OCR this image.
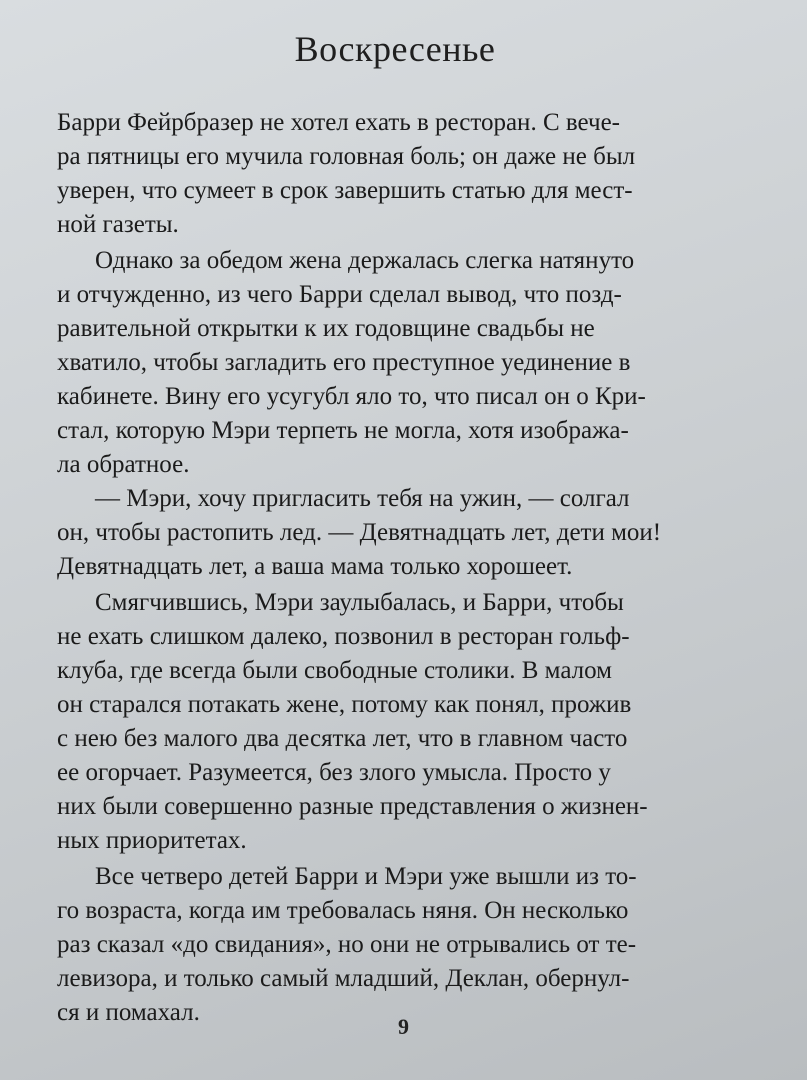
Воскресенье
Барри Фейрбразер не хотел ехать в ресторан. С вече-
ра пятницы его мучила головная боль; он даже не был
уверен, что сумеет в срок завершить статью для мест-
ной газеты.
Однако за обедом жена держалась слегка натянуто
и отчужденно, из чего Барри сделал вывод, что позд-
равительной открытки к их годовщине свадьбы не
хватило, чтобы загладить его преступное уединение в
кабинете. Вину его усугубл яло то, что писал он о Кри-
стал, которую Мэри терпеть не могла, хотя изобража-
ла обратное.
— Мэри, хочу пригласить тебя на ужин, — солгал
он, чтобы растопить лед. — Девятнадцать лет, дети мои!
Девятнадцать лет, а ваша мама только хорошеет.
Смягчившись, Мэри заулыбалась, и Барри, чтобы
не ехать слишком далеко, позвонил в ресторан гольф-
клуба, где всегда были свободные столики. В малом
он старался потакать жене, потому как понял, прожив
с нею без малого два десятка лет, что в главном часто
ее огорчает. Разумеется, без злого умысла. Просто у
них были совершенно разные представления о жизнен-
ных приоритетах.
Все четверо детей Барри и Мэри уже вышли из то-
го возраста, когда им требовалась няня. Он несколько
раз сказал «до свидания», но они не отрывались от те-
левизора, и только самый младший, Деклан, обернул-
ся и помахал.
9
